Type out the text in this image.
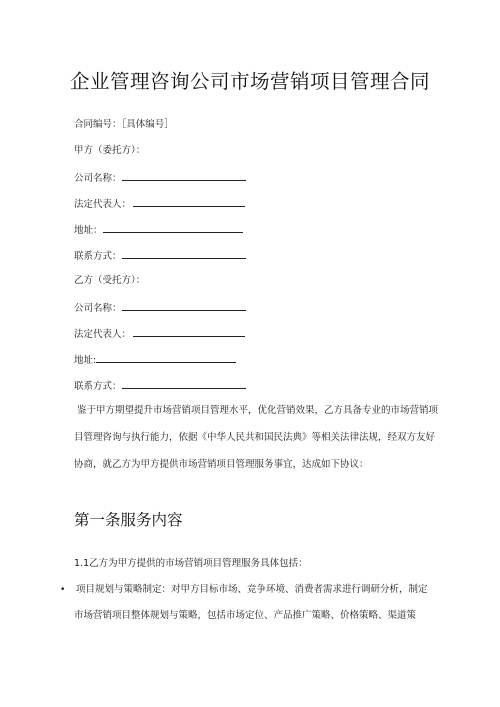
企业管理咨询公司市场营销项目管理合同
合同编号：［具体编号］
甲方（委托方）：
公司名称：
法定代表人：
地址：
联系方式：
乙方（受托方）：
公司名称：
法定代表人：
地址:
联系方式：
鉴于甲方期望提升市场营销项目管理水平，优化营销效果，乙方具备专业的市场营销项
目管理咨询与执行能力，依据《中华人民共和国民法典》等相关法律法规，经双方友好
协商，就乙方为甲方提供市场营销项目管理服务事宜，达成如下协议：
第一条服务内容
1.1乙方为甲方提供的市场营销项目管理服务具体包括：
• 项目规划与策略制定：对甲方目标市场、竞争环境、消费者需求进行调研分析，制定
市场营销项目整体规划与策略，包括市场定位、产品推广策略、价格策略、渠道策
